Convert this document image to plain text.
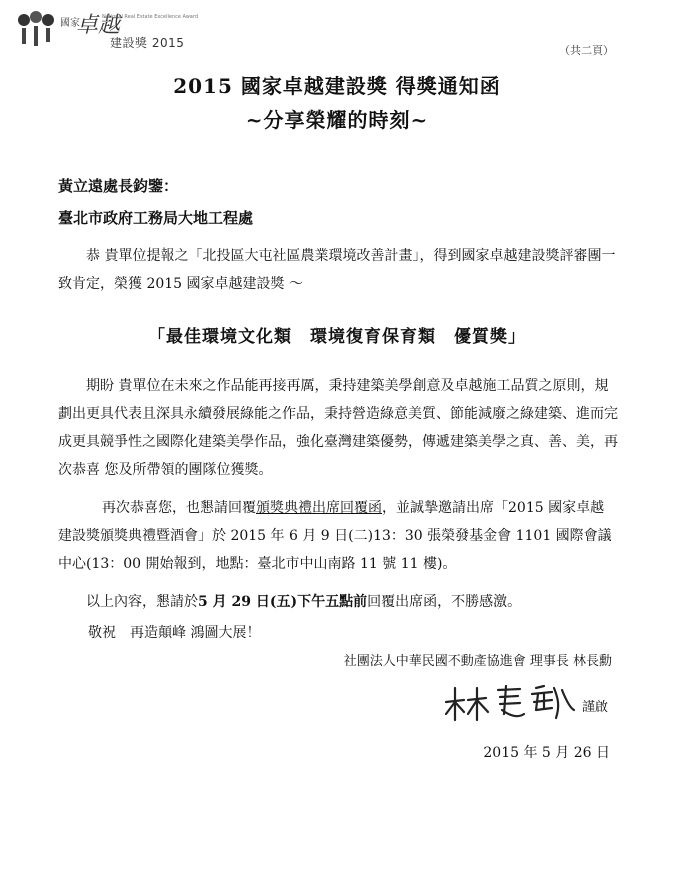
國家
卓越
National Real Estate Excellence Award
建設獎 2015
（共二頁）
2015 國家卓越建設獎 得獎通知函
~分享榮耀的時刻~
黃立遠處長鈞鑒：
臺北市政府工務局大地工程處
恭 貴單位提報之「北投區大屯社區農業環境改善計畫」，得到國家卓越建設獎評審團一致肯定，榮獲 2015 國家卓越建設獎 ～
「最佳環境文化類　環境復育保育類　優質獎」
期盼 貴單位在未來之作品能再接再厲，秉持建築美學創意及卓越施工品質之原則，規劃出更具代表且深具永續發展綠能之作品，秉持營造綠意美質、節能減廢之綠建築、進而完成更具競爭性之國際化建築美學作品，強化臺灣建築優勢，傳遞建築美學之真、善、美，再次恭喜 您及所帶領的團隊位獲獎。
再次恭喜您，也懇請回覆頒獎典禮出席回覆函，並誠摯邀請出席「2015 國家卓越建設獎頒獎典禮暨酒會」於 2015 年 6 月 9 日(二)13：30 張榮發基金會 1101 國際會議中心(13：00 開始報到，地點：臺北市中山南路 11 號 11 樓)。
以上內容，懇請於5 月 29 日(五)下午五點前回覆出席函，不勝感激。
敬祝　再造顛峰 鴻圖大展！
社團法人中華民國不動產協進會 理事長 林長勳
謹啟
2015 年 5 月 26 日
